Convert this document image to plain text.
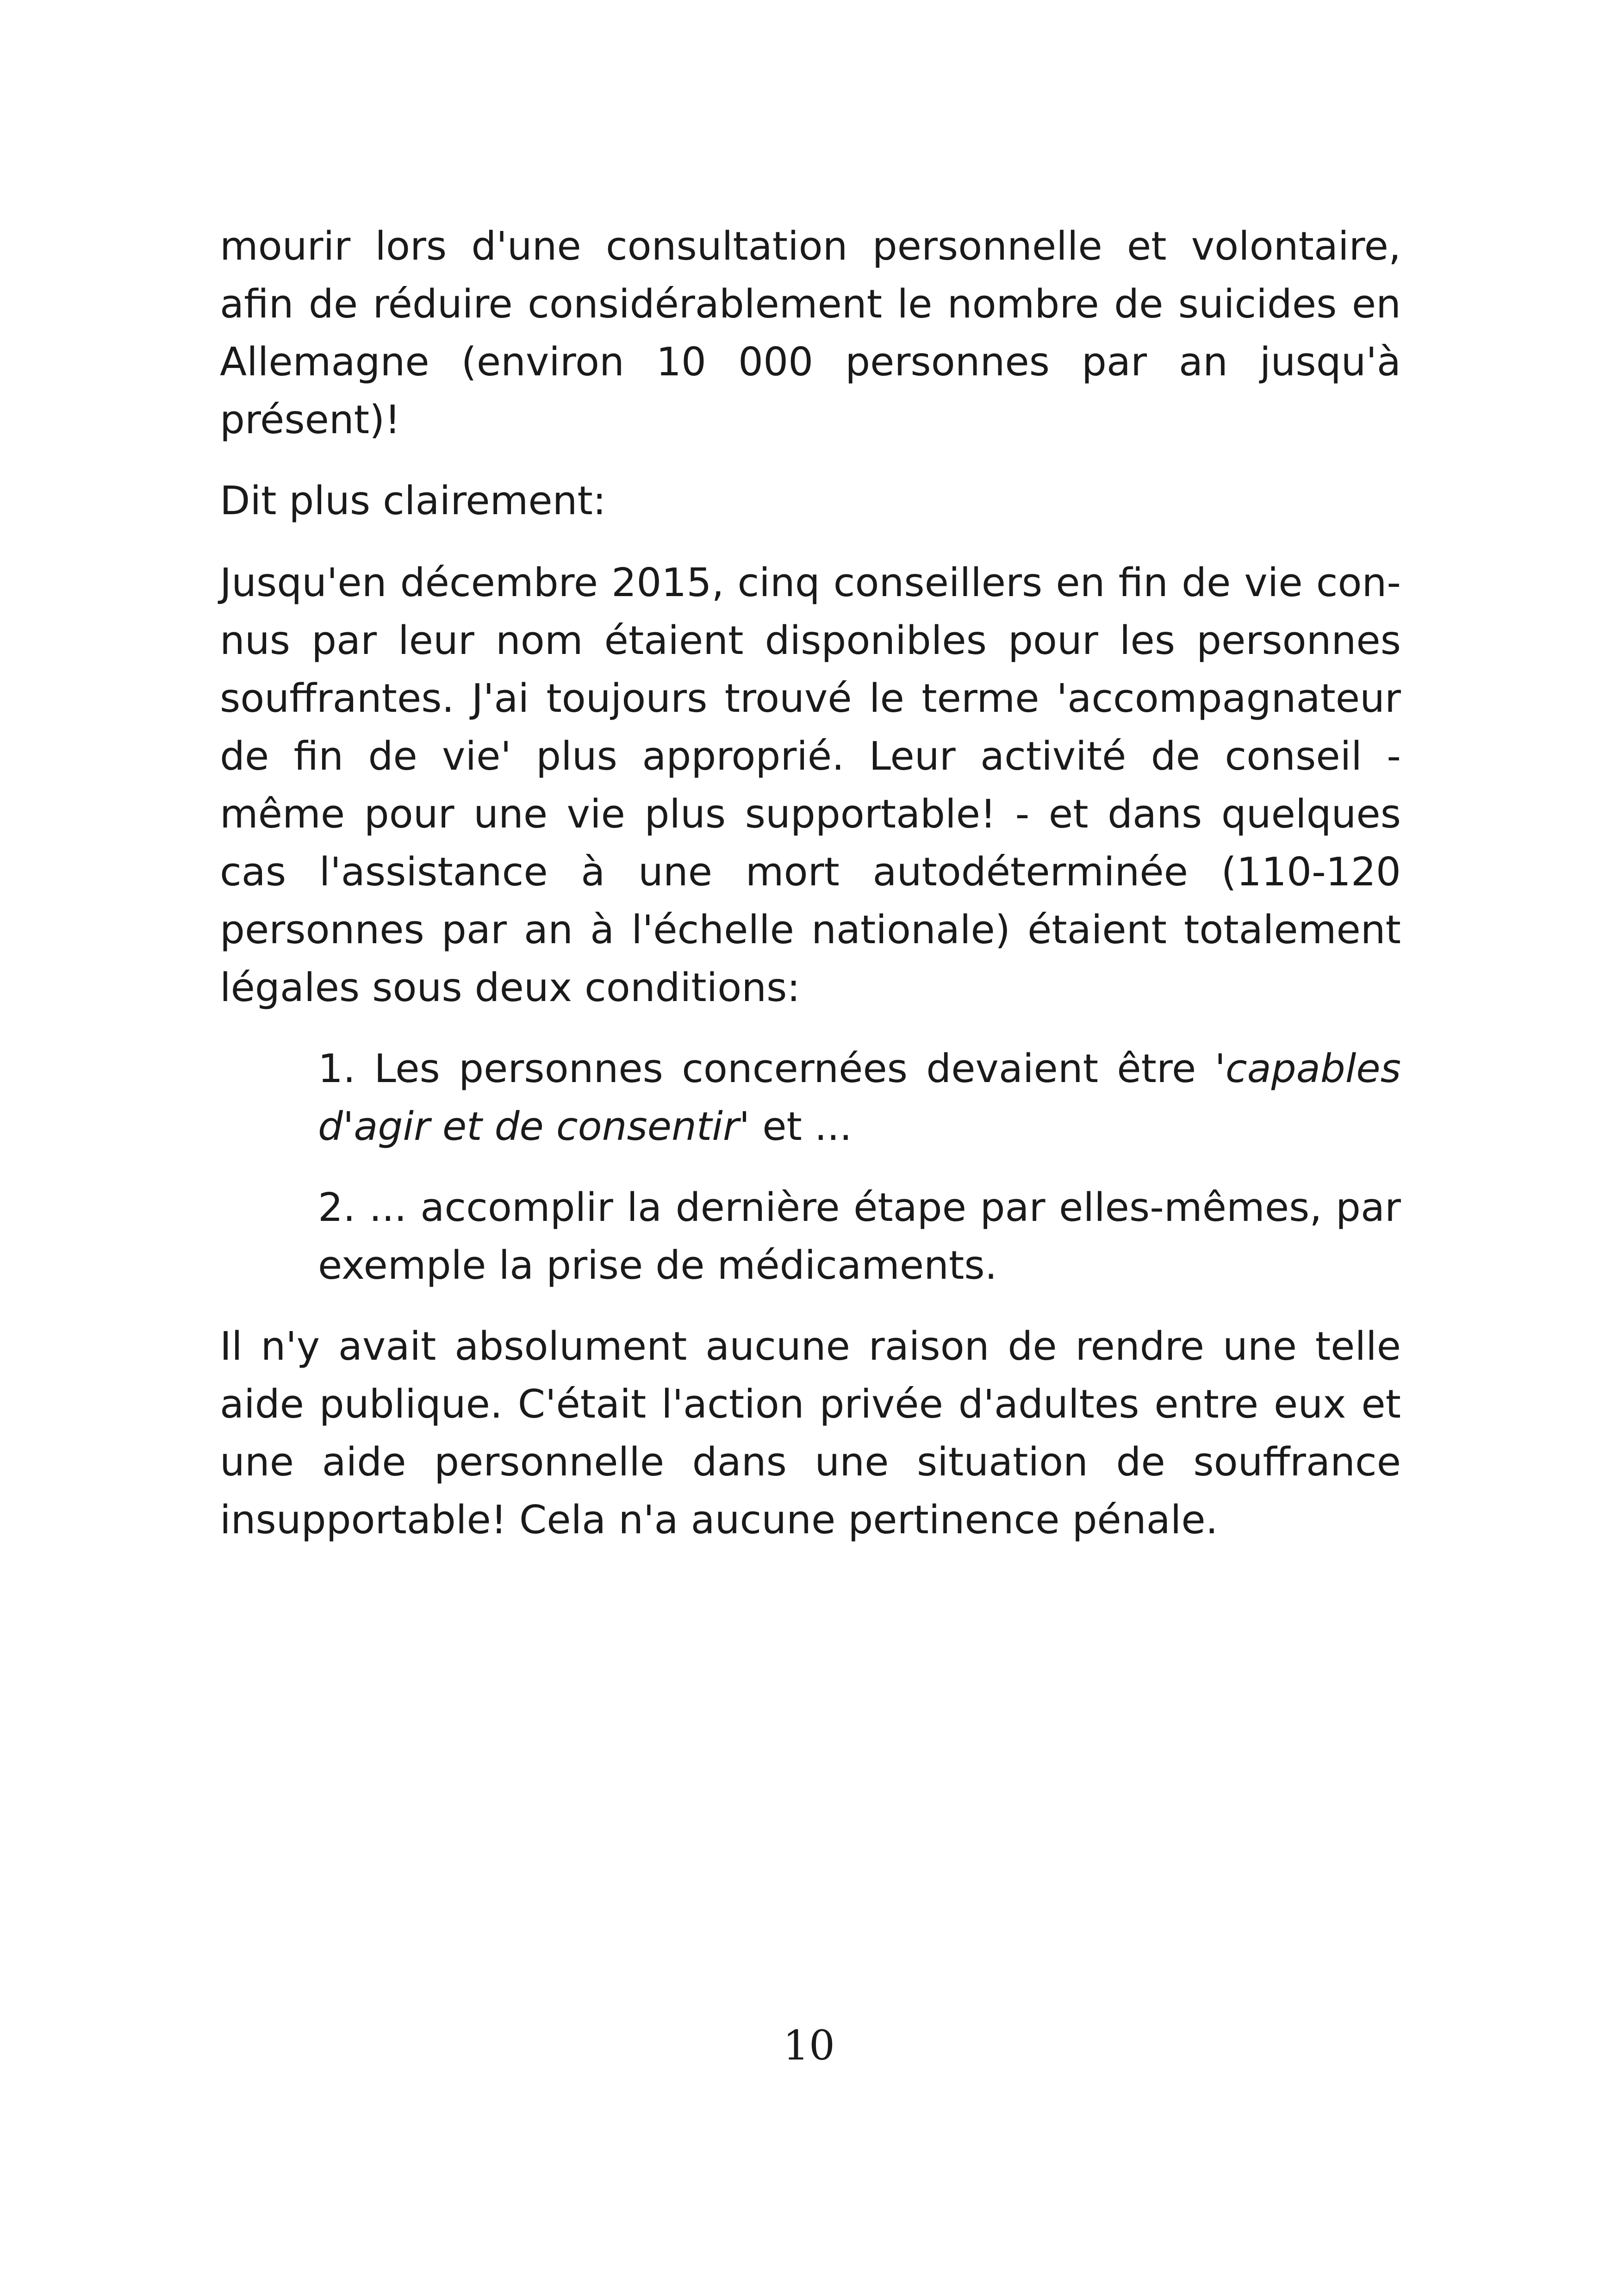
mourir lors d'une consultation personnelle et volontaire, afin de réduire considérablement le nombre de suicides en Allemagne (environ 10 000 personnes par an jusqu'à présent)!

Dit plus clairement:

Jusqu'en décembre 2015, cinq conseillers en fin de vie connus par leur nom étaient disponibles pour les personnes souffrantes. J'ai toujours trouvé le terme 'accompagnateur de fin de vie' plus approprié. Leur activité de conseil - même pour une vie plus supportable! - et dans quelques cas l'assistance à une mort autodéterminée (110-120 personnes par an à l'échelle nationale) étaient totalement légales sous deux conditions:

1. Les personnes concernées devaient être 'capables d'agir et de consentir' et ...

2. ... accomplir la dernière étape par elles-mêmes, par exemple la prise de médicaments.

Il n'y avait absolument aucune raison de rendre une telle aide publique. C'était l'action privée d'adultes entre eux et une aide personnelle dans une situation de souffrance insupportable! Cela n'a aucune pertinence pénale.

10
